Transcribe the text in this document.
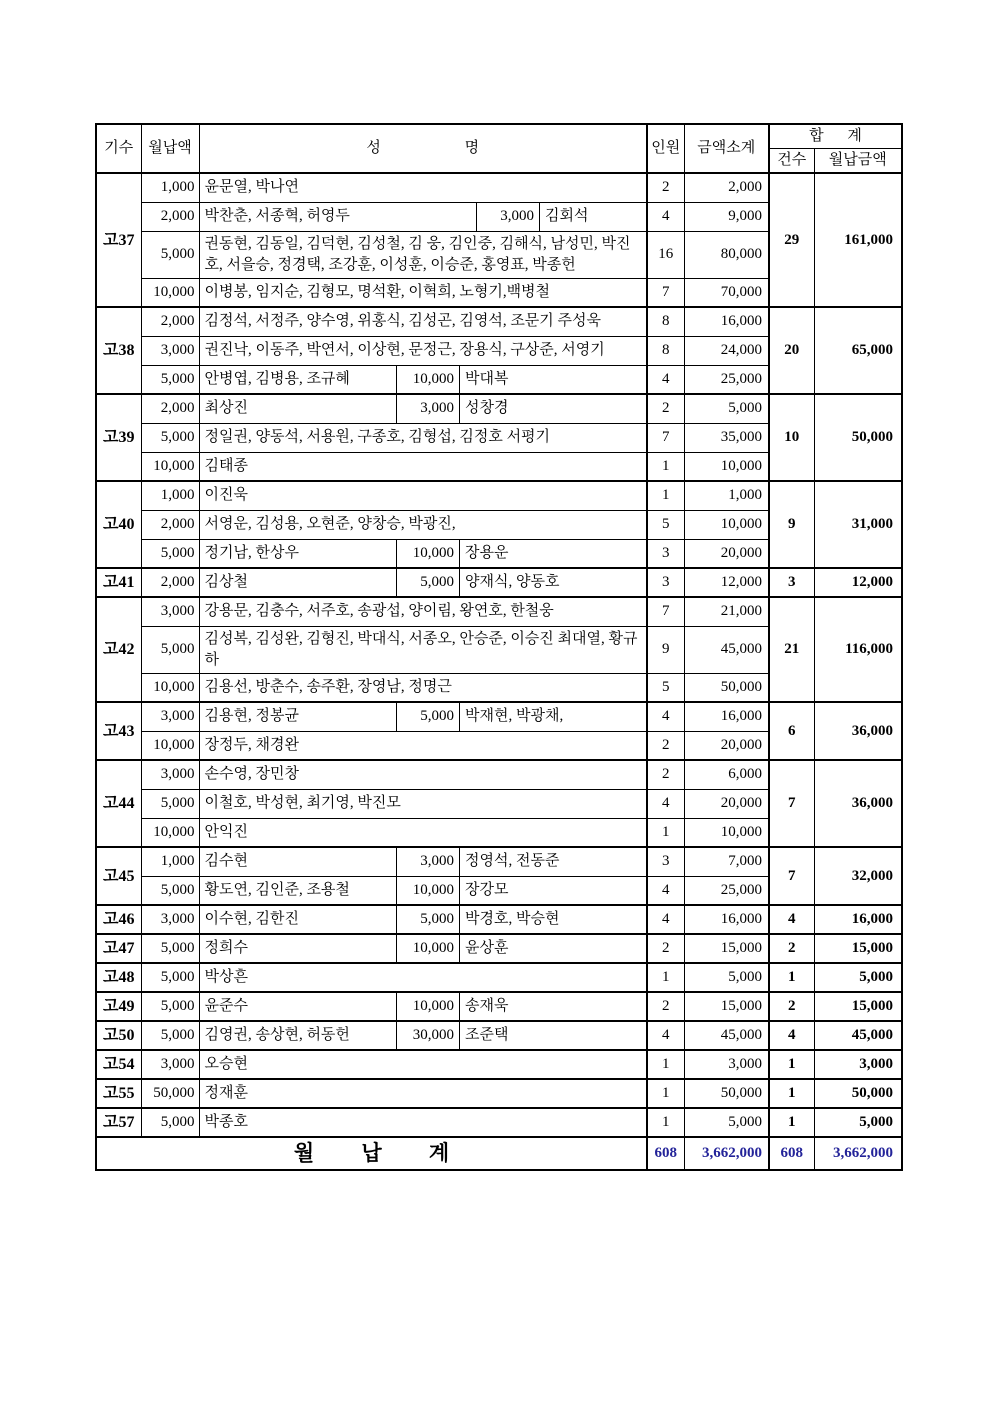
기수	월납액	성 명	인원	금액소계	합 계	
					건수	월납금액
고37	1,000	윤문열, 박나연	2	2,000	29	161,000
	2,000	박찬춘, 서종혁, 허영두 3,000 김회석	4	9,000		
	5,000	권동현, 김동일, 김덕현, 김성철, 김 웅, 김인중, 김해식, 남성민, 박진호, 서을승, 정경택, 조강훈, 이성훈, 이승준, 홍영표, 박종헌	16	80,000		
	10,000	이병봉, 임지순, 김형모, 명석환, 이혁희, 노형기,백병철	7	70,000		
고38	2,000	김정석, 서정주, 양수영, 위홍식, 김성곤, 김영석, 조문기 주성욱	8	16,000	20	65,000
	3,000	권진낙, 이동주, 박연서, 이상현, 문정근, 장용식, 구상준, 서영기	8	24,000		
	5,000	안병엽, 김병용, 조규혜 10,000 박대복	4	25,000		
고39	2,000	최상진 3,000 성창경	2	5,000	10	50,000
	5,000	정일권, 양동석, 서용원, 구종호, 김형섭, 김정호 서평기	7	35,000		
	10,000	김태종	1	10,000		
고40	1,000	이진욱	1	1,000	9	31,000
	2,000	서영운, 김성용, 오현준, 양창승, 박광진,	5	10,000		
	5,000	정기남, 한상우 10,000 장용운	3	20,000		
고41	2,000	김상철 5,000 양재식, 양동호	3	12,000	3	12,000
고42	3,000	강용문, 김충수, 서주호, 송광섭, 양이림, 왕연호, 한철웅	7	21,000	21	116,000
	5,000	김성복, 김성완, 김형진, 박대식, 서종오, 안승준, 이승진 최대열, 황규하	9	45,000		
	10,000	김용선, 방춘수, 송주환, 장영남, 정명근	5	50,000		
고43	3,000	김용현, 정봉균 5,000 박재현, 박광채,	4	16,000	6	36,000
	10,000	장정두, 채경완	2	20,000		
고44	3,000	손수영, 장민창	2	6,000	7	36,000
	5,000	이철호, 박성현, 최기영, 박진모	4	20,000		
	10,000	안익진	1	10,000		
고45	1,000	김수현 3,000 정영석, 전동준	3	7,000	7	32,000
	5,000	황도연, 김인준, 조용철 10,000 장강모	4	25,000		
고46	3,000	이수현, 김한진 5,000 박경호, 박승현	4	16,000	4	16,000
고47	5,000	정희수 10,000 윤상훈	2	15,000	2	15,000
고48	5,000	박상흔	1	5,000	1	5,000
고49	5,000	윤준수 10,000 송재욱	2	15,000	2	15,000
고50	5,000	김영권, 송상현, 허동헌 30,000 조준택	4	45,000	4	45,000
고54	3,000	오승현	1	3,000	1	3,000
고55	50,000	정재훈	1	50,000	1	50,000
고57	5,000	박종호	1	5,000	1	5,000
월 납 계			608	3,662,000	608	3,662,000
